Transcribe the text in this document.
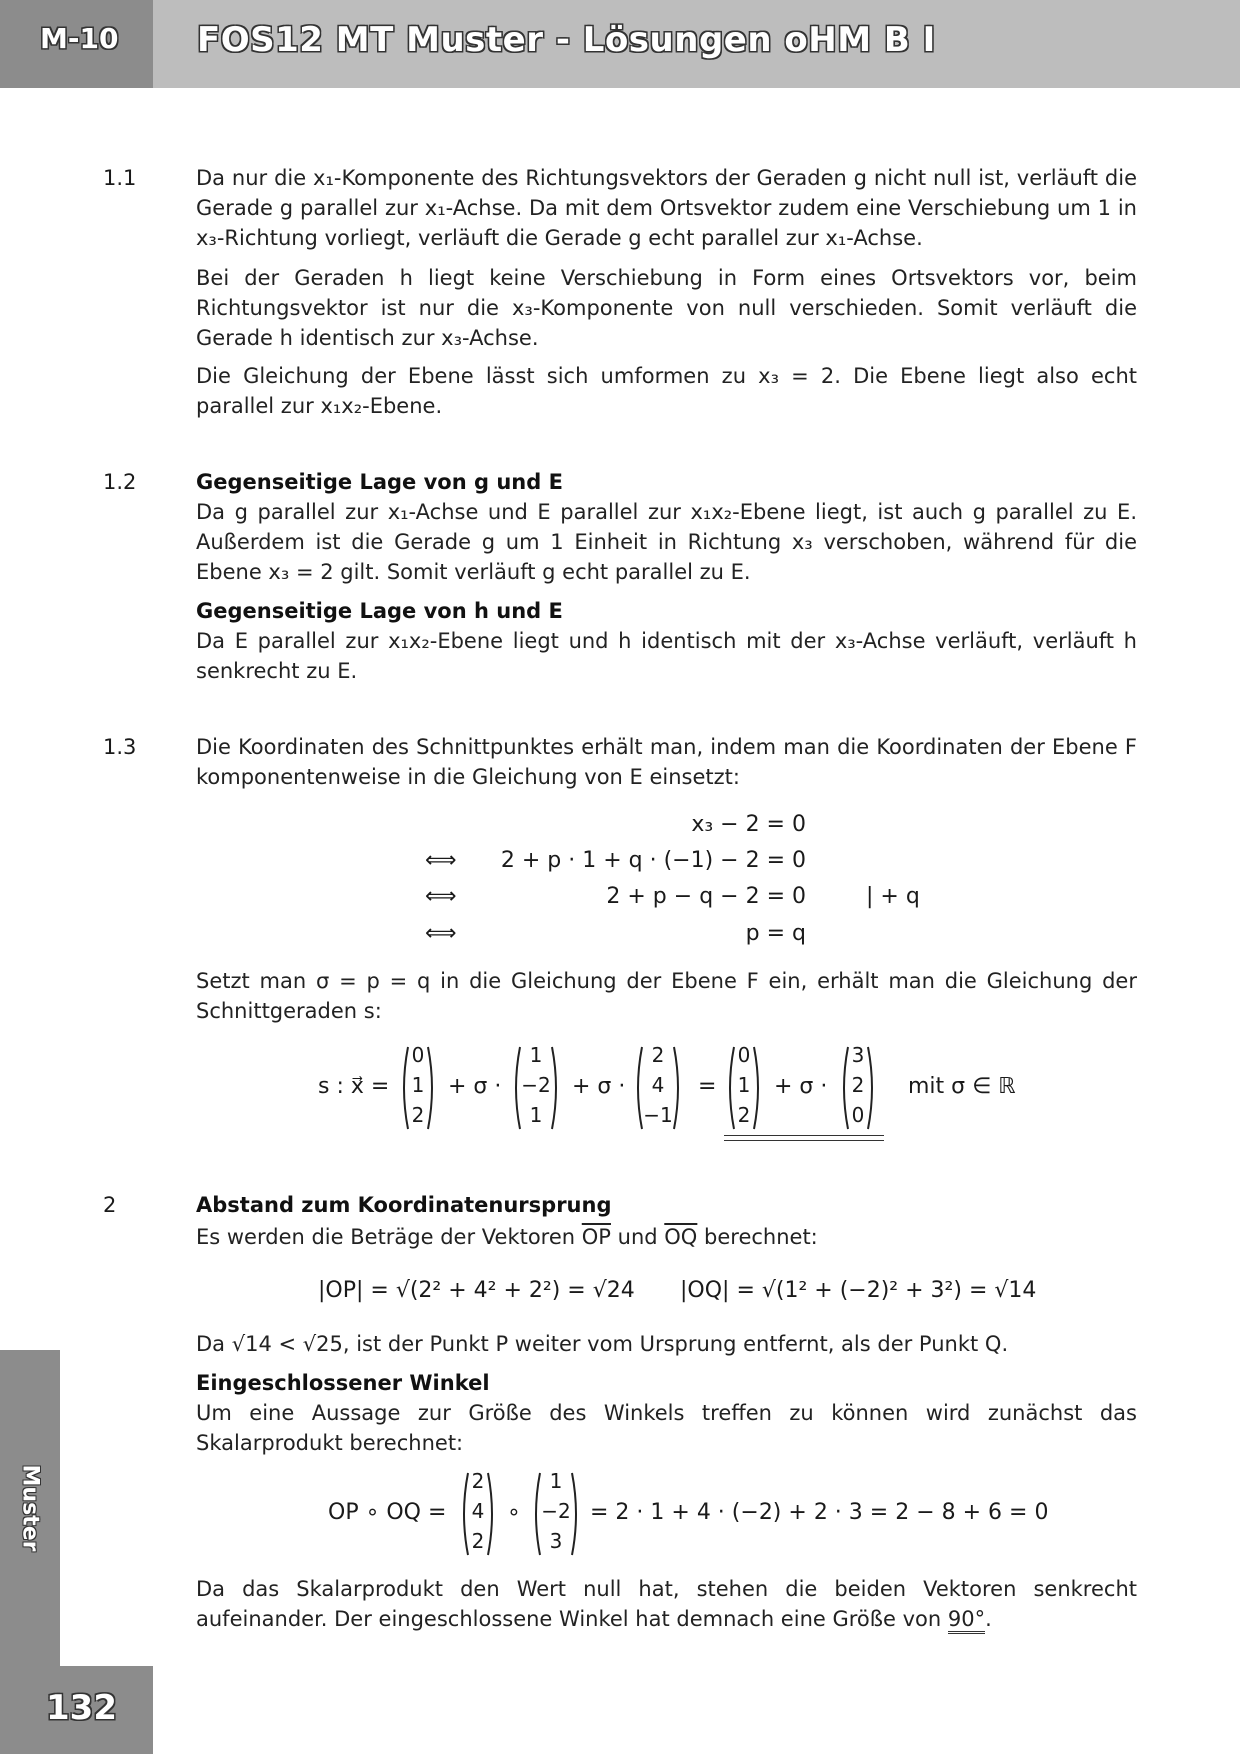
M-10 FOS12 MT Muster - Lösungen oHM B I
1.1	Da nur die x₁-Komponente des Richtungsvektors der Geraden g nicht null ist, verläuft die Gerade g parallel zur x₁-Achse. Da mit dem Ortsvektor zudem eine Verschiebung um 1 in x₃-Richtung vorliegt, verläuft die Gerade g echt parallel zur x₁-Achse.
Bei der Geraden h liegt keine Verschiebung in Form eines Ortsvektors vor, beim Richtungsvektor ist nur die x₃-Komponente von null verschieden. Somit verläuft die Gerade h identisch zur x₃-Achse.
Die Gleichung der Ebene lässt sich umformen zu x₃ = 2. Die Ebene liegt also echt parallel zur x₁x₂-Ebene.
1.2	Gegenseitige Lage von g und E
Da g parallel zur x₁-Achse und E parallel zur x₁x₂-Ebene liegt, ist auch g parallel zu E. Außerdem ist die Gerade g um 1 Einheit in Richtung x₃ verschoben, während für die Ebene x₃ = 2 gilt. Somit verläuft g echt parallel zu E.
Gegenseitige Lage von h und E
Da E parallel zur x₁x₂-Ebene liegt und h identisch mit der x₃-Achse verläuft, verläuft h senkrecht zu E.
1.3	Die Koordinaten des Schnittpunktes erhält man, indem man die Koordinaten der Ebene F komponentenweise in die Gleichung von E einsetzt:
x₃ − 2 = 0
⟺ 2 + p · 1 + q · (−1) − 2 = 0
⟺	2 + p − q − 2 = 0	| + q
⟺	p = q
Setzt man σ = p = q in die Gleichung der Ebene F ein, erhält man die Gleichung der Schnittgeraden s:
s : x⃗ =
0
1
2
+ σ ·
1
−2
1
+ σ ·
2
4
−1
=
0
1
2
+ σ ·
3
2
0
mit σ ∈ ℝ
2	Abstand zum Koordinatenursprung
Es werden die Beträge der Vektoren $\overline{OP}$ und $\overline{OQ}$ berechnet:
|OP| = √(2² + 4² + 2²) = √24 |OQ| = √(1² + (−2)² + 3²) = √14
Da √14 < √25, ist der Punkt P weiter vom Ursprung entfernt, als der Punkt Q.
Eingeschlossener Winkel
Um eine Aussage zur Größe des Winkels treffen zu können wird zunächst das Skalarprodukt berechnet:
OP ∘ OQ =
2
4
2
∘
1
−2
3
= 2 · 1 + 4 · (−2) + 2 · 3 = 2 − 8 + 6 = 0
Da das Skalarprodukt den Wert null hat, stehen die beiden Vektoren senkrecht aufeinander. Der eingeschlossene Winkel hat demnach eine Größe von 90°.
Muster
132
